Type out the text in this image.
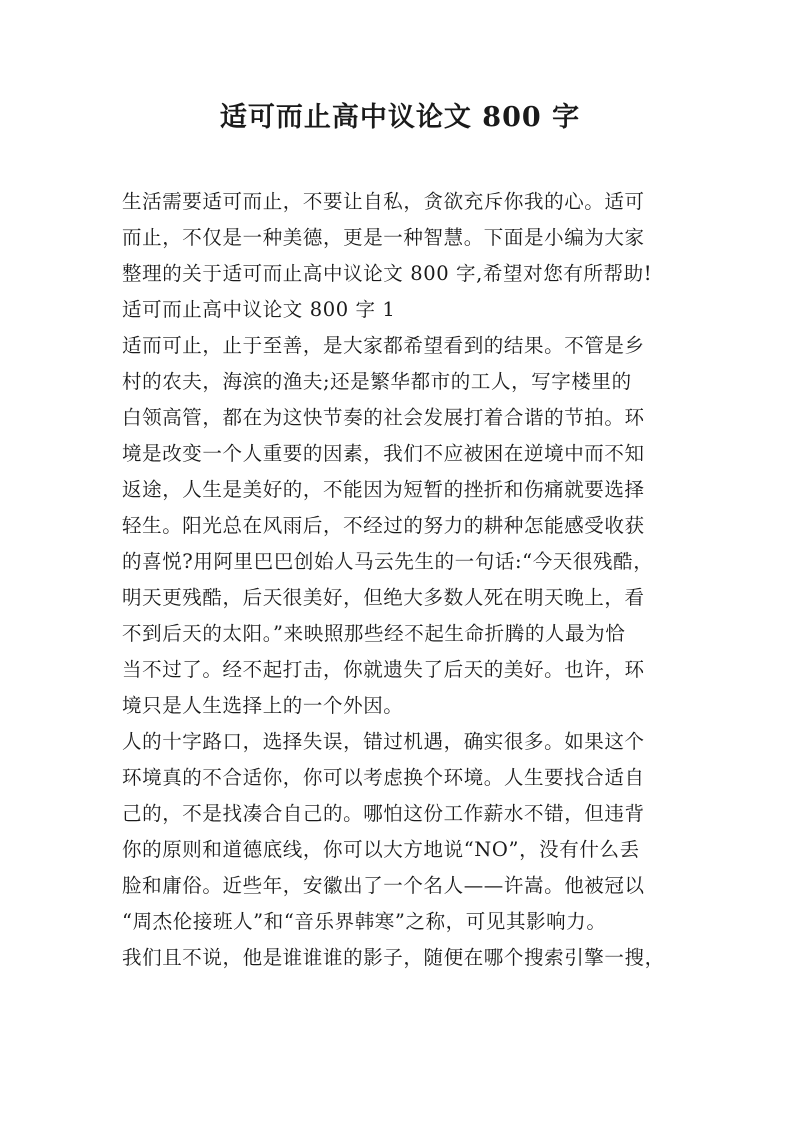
适可而止高中议论文 800 字
生活需要适可而止，不要让自私，贪欲充斥你我的心。适可
而止，不仅是一种美德，更是一种智慧。下面是小编为大家
整理的关于适可而止高中议论文 800 字,希望对您有所帮助!
适可而止高中议论文 800 字 1
适而可止，止于至善，是大家都希望看到的结果。不管是乡
村的农夫，海滨的渔夫;还是繁华都市的工人，写字楼里的
白领高管，都在为这快节奏的社会发展打着合谐的节拍。环
境是改变一个人重要的因素，我们不应被困在逆境中而不知
返途，人生是美好的，不能因为短暂的挫折和伤痛就要选择
轻生。阳光总在风雨后，不经过的努力的耕种怎能感受收获
的喜悦?用阿里巴巴创始人马云先生的一句话:“今天很残酷，
明天更残酷，后天很美好，但绝大多数人死在明天晚上，看
不到后天的太阳。”来映照那些经不起生命折腾的人最为恰
当不过了。经不起打击，你就遗失了后天的美好。也许，环
境只是人生选择上的一个外因。
人的十字路口，选择失误，错过机遇，确实很多。如果这个
环境真的不合适你，你可以考虑换个环境。人生要找合适自
己的，不是找凑合自己的。哪怕这份工作薪水不错，但违背
你的原则和道德底线，你可以大方地说“NO”，没有什么丢
脸和庸俗。近些年，安徽出了一个名人——许嵩。他被冠以
“周杰伦接班人”和“音乐界韩寒”之称，可见其影响力。
我们且不说，他是谁谁谁的影子，随便在哪个搜索引擎一搜，
